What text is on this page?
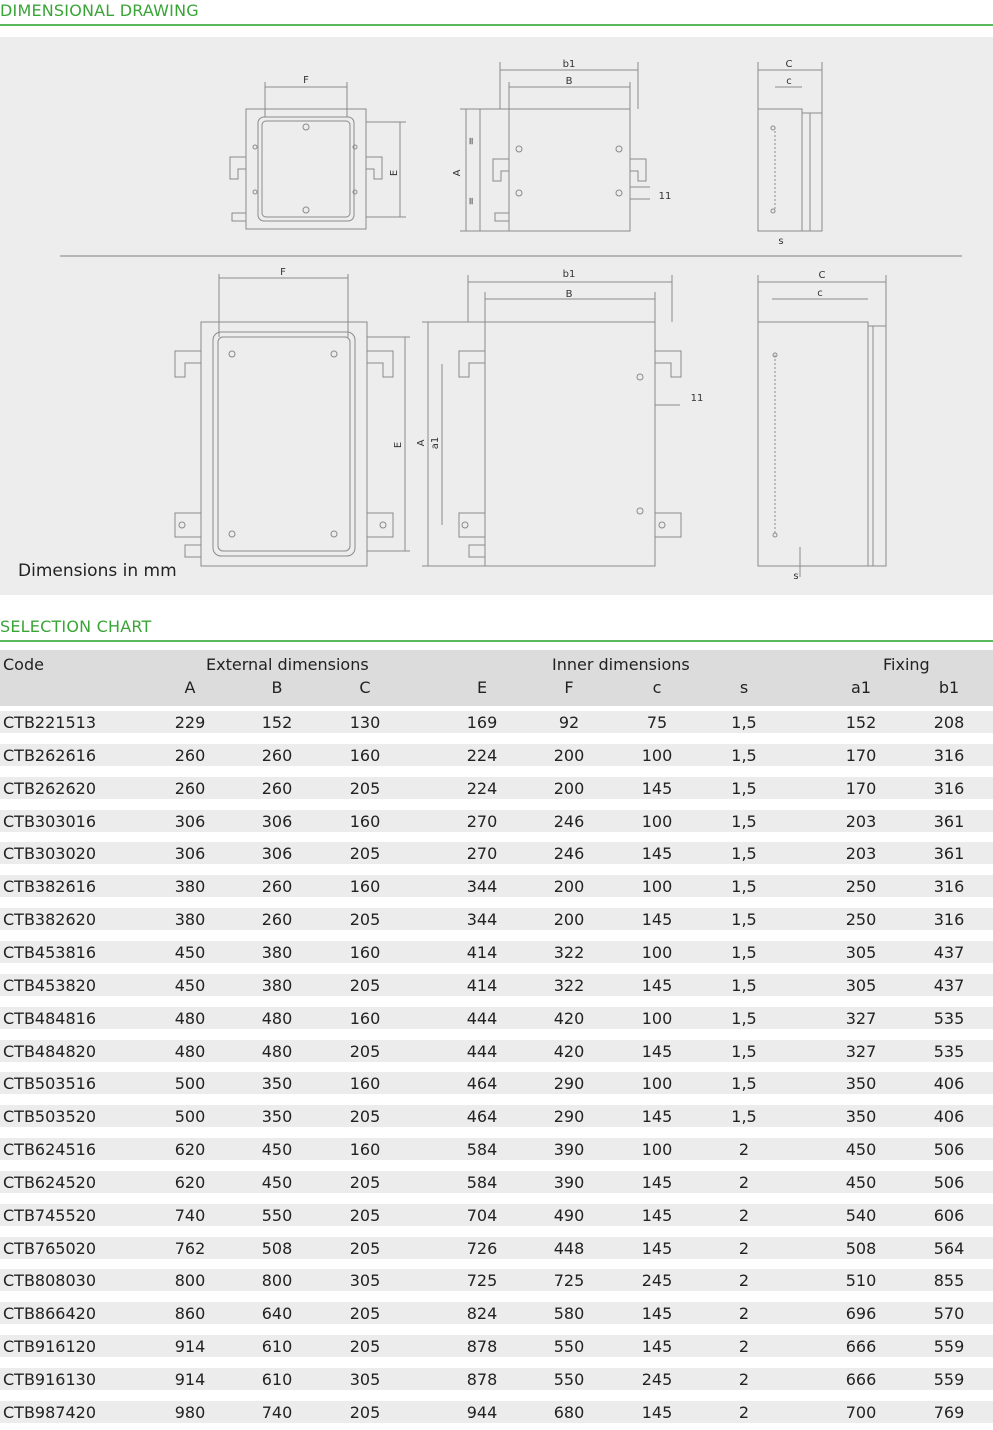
DIMENSIONAL DRAWING
F
E
b1
B
A
=
=	11
C
c
s
F
E
b1
B
A a1
11
C
c
s
Dimensions in mm
SELECTION CHART
Code	External dimensions	Inner dimensions	Fixing
A	B	C	E	F	c	s	a1	b1
CTB221513	229	152	130	169	92	75	1,5	152	208
CTB262616	260	260	160	224	200	100	1,5	170	316
CTB262620	260	260	205	224	200	145	1,5	170	316
CTB303016	306	306	160	270	246	100	1,5	203	361
CTB303020	306	306	205	270	246	145	1,5	203	361
CTB382616	380	260	160	344	200	100	1,5	250	316
CTB382620	380	260	205	344	200	145	1,5	250	316
CTB453816	450	380	160	414	322	100	1,5	305	437
CTB453820	450	380	205	414	322	145	1,5	305	437
CTB484816	480	480	160	444	420	100	1,5	327	535
CTB484820	480	480	205	444	420	145	1,5	327	535
CTB503516	500	350	160	464	290	100	1,5	350	406
CTB503520	500	350	205	464	290	145	1,5	350	406
CTB624516	620	450	160	584	390	100	2	450	506
CTB624520	620	450	205	584	390	145	2	450	506
CTB745520	740	550	205	704	490	145	2	540	606
CTB765020	762	508	205	726	448	145	2	508	564
CTB808030	800	800	305	725	725	245	2	510	855
CTB866420	860	640	205	824	580	145	2	696	570
CTB916120	914	610	205	878	550	145	2	666	559
CTB916130	914	610	305	878	550	245	2	666	559
CTB987420	980	740	205	944	680	145	2	700	769
